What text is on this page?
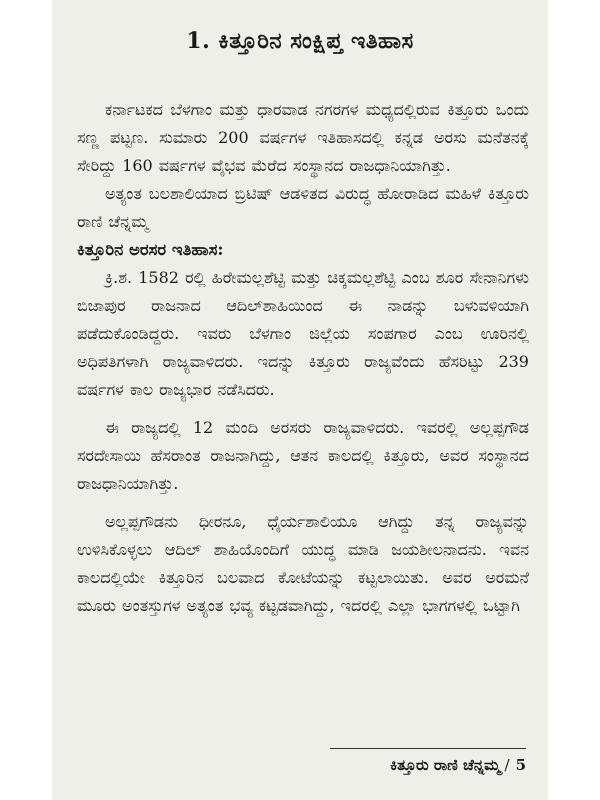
1. ಕಿತ್ತೂರಿನ ಸಂಕ್ಷಿಪ್ತ ಇತಿಹಾಸ

ಕರ್ನಾಟಕದ ಬೆಳಗಾಂ ಮತ್ತು ಧಾರವಾಡ ನಗರಗಳ ಮಧ್ಯದಲ್ಲಿರುವ ಕಿತ್ತೂರು ಒಂದು ಸಣ್ಣ ಪಟ್ಟಣ. ಸುಮಾರು 200 ವರ್ಷಗಳ ಇತಿಹಾಸದಲ್ಲಿ ಕನ್ನಡ ಅರಸು ಮನೆತನಕ್ಕೆ ಸೇರಿದ್ದು 160 ವರ್ಷಗಳ ವೈಭವ ಮೆರೆದ ಸಂಸ್ಥಾನದ ರಾಜಧಾನಿಯಾಗಿತ್ತು.

ಅತ್ಯಂತ ಬಲಶಾಲಿಯಾದ ಬ್ರಿಟಿಷ್ ಆಡಳಿತದ ವಿರುದ್ಧ ಹೋರಾಡಿದ ಮಹಿಳೆ ಕಿತ್ತೂರು ರಾಣಿ ಚೆನ್ನಮ್ಮ

ಕಿತ್ತೂರಿನ ಅರಸರ ಇತಿಹಾಸ:

ಕ್ರಿ.ಶ. 1582 ರಲ್ಲಿ ಹಿರೇಮಲ್ಲಶೆಟ್ಟಿ ಮತ್ತು ಚಿಕ್ಕಮಲ್ಲಶೆಟ್ಟಿ ಎಂಬ ಶೂರ ಸೇನಾನಿಗಳು ಬಿಜಾಪುರ ರಾಜನಾದ ಆದಿಲ್‌ಶಾಹಿಯಿಂದ ಈ ನಾಡನ್ನು ಬಳುವಳಿಯಾಗಿ ಪಡೆದುಕೊಂಡಿದ್ದರು. ಇವರು ಬೆಳಗಾಂ ಜಿಲ್ಲೆಯ ಸಂಪಗಾರ ಎಂಬ ಊರಿನಲ್ಲಿ ಅಧಿಪತಿಗಳಾಗಿ ರಾಜ್ಯವಾಳಿದರು. ಇದನ್ನು ಕಿತ್ತೂರು ರಾಜ್ಯವೆಂದು ಹೆಸರಿಟ್ಟು 239 ವರ್ಷಗಳ ಕಾಲ ರಾಜ್ಯಭಾರ ನಡೆಸಿದರು.

ಈ ರಾಜ್ಯದಲ್ಲಿ 12 ಮಂದಿ ಅರಸರು ರಾಜ್ಯವಾಳಿದರು. ಇವರಲ್ಲಿ ಅಲ್ಲಪ್ಪಗೌಡ ಸರದೇಸಾಯಿ ಹೆಸರಾಂತ ರಾಜನಾಗಿದ್ದು, ಆತನ ಕಾಲದಲ್ಲಿ ಕಿತ್ತೂರು, ಅವರ ಸಂಸ್ಥಾನದ ರಾಜಧಾನಿಯಾಗಿತ್ತು.

ಅಲ್ಲಪ್ಪಗೌಡನು ಧೀರನೂ, ಧೈರ್ಯಶಾಲಿಯೂ ಆಗಿದ್ದು ತನ್ನ ರಾಜ್ಯವನ್ನು ಉಳಿಸಿಕೊಳ್ಳಲು ಆದಿಲ್ ಶಾಹಿಯೊಂದಿಗೆ ಯುದ್ಧ ಮಾಡಿ ಜಯಶೀಲನಾದನು. ಇವನ ಕಾಲದಲ್ಲಿಯೇ ಕಿತ್ತೂರಿನ ಬಲವಾದ ಕೋಟೆಯನ್ನು ಕಟ್ಟಲಾಯಿತು. ಅವರ ಅರಮನೆ ಮೂರು ಅಂತಸ್ತುಗಳ ಅತ್ಯಂತ ಭವ್ಯ ಕಟ್ಟಡವಾಗಿದ್ದು, ಇದರಲ್ಲಿ ಎಲ್ಲಾ ಭಾಗಗಳಲ್ಲಿ ಒಟ್ಟಾಗಿ

ಕಿತ್ತೂರು ರಾಣಿ ಚೆನ್ನಮ್ಮ / 5
